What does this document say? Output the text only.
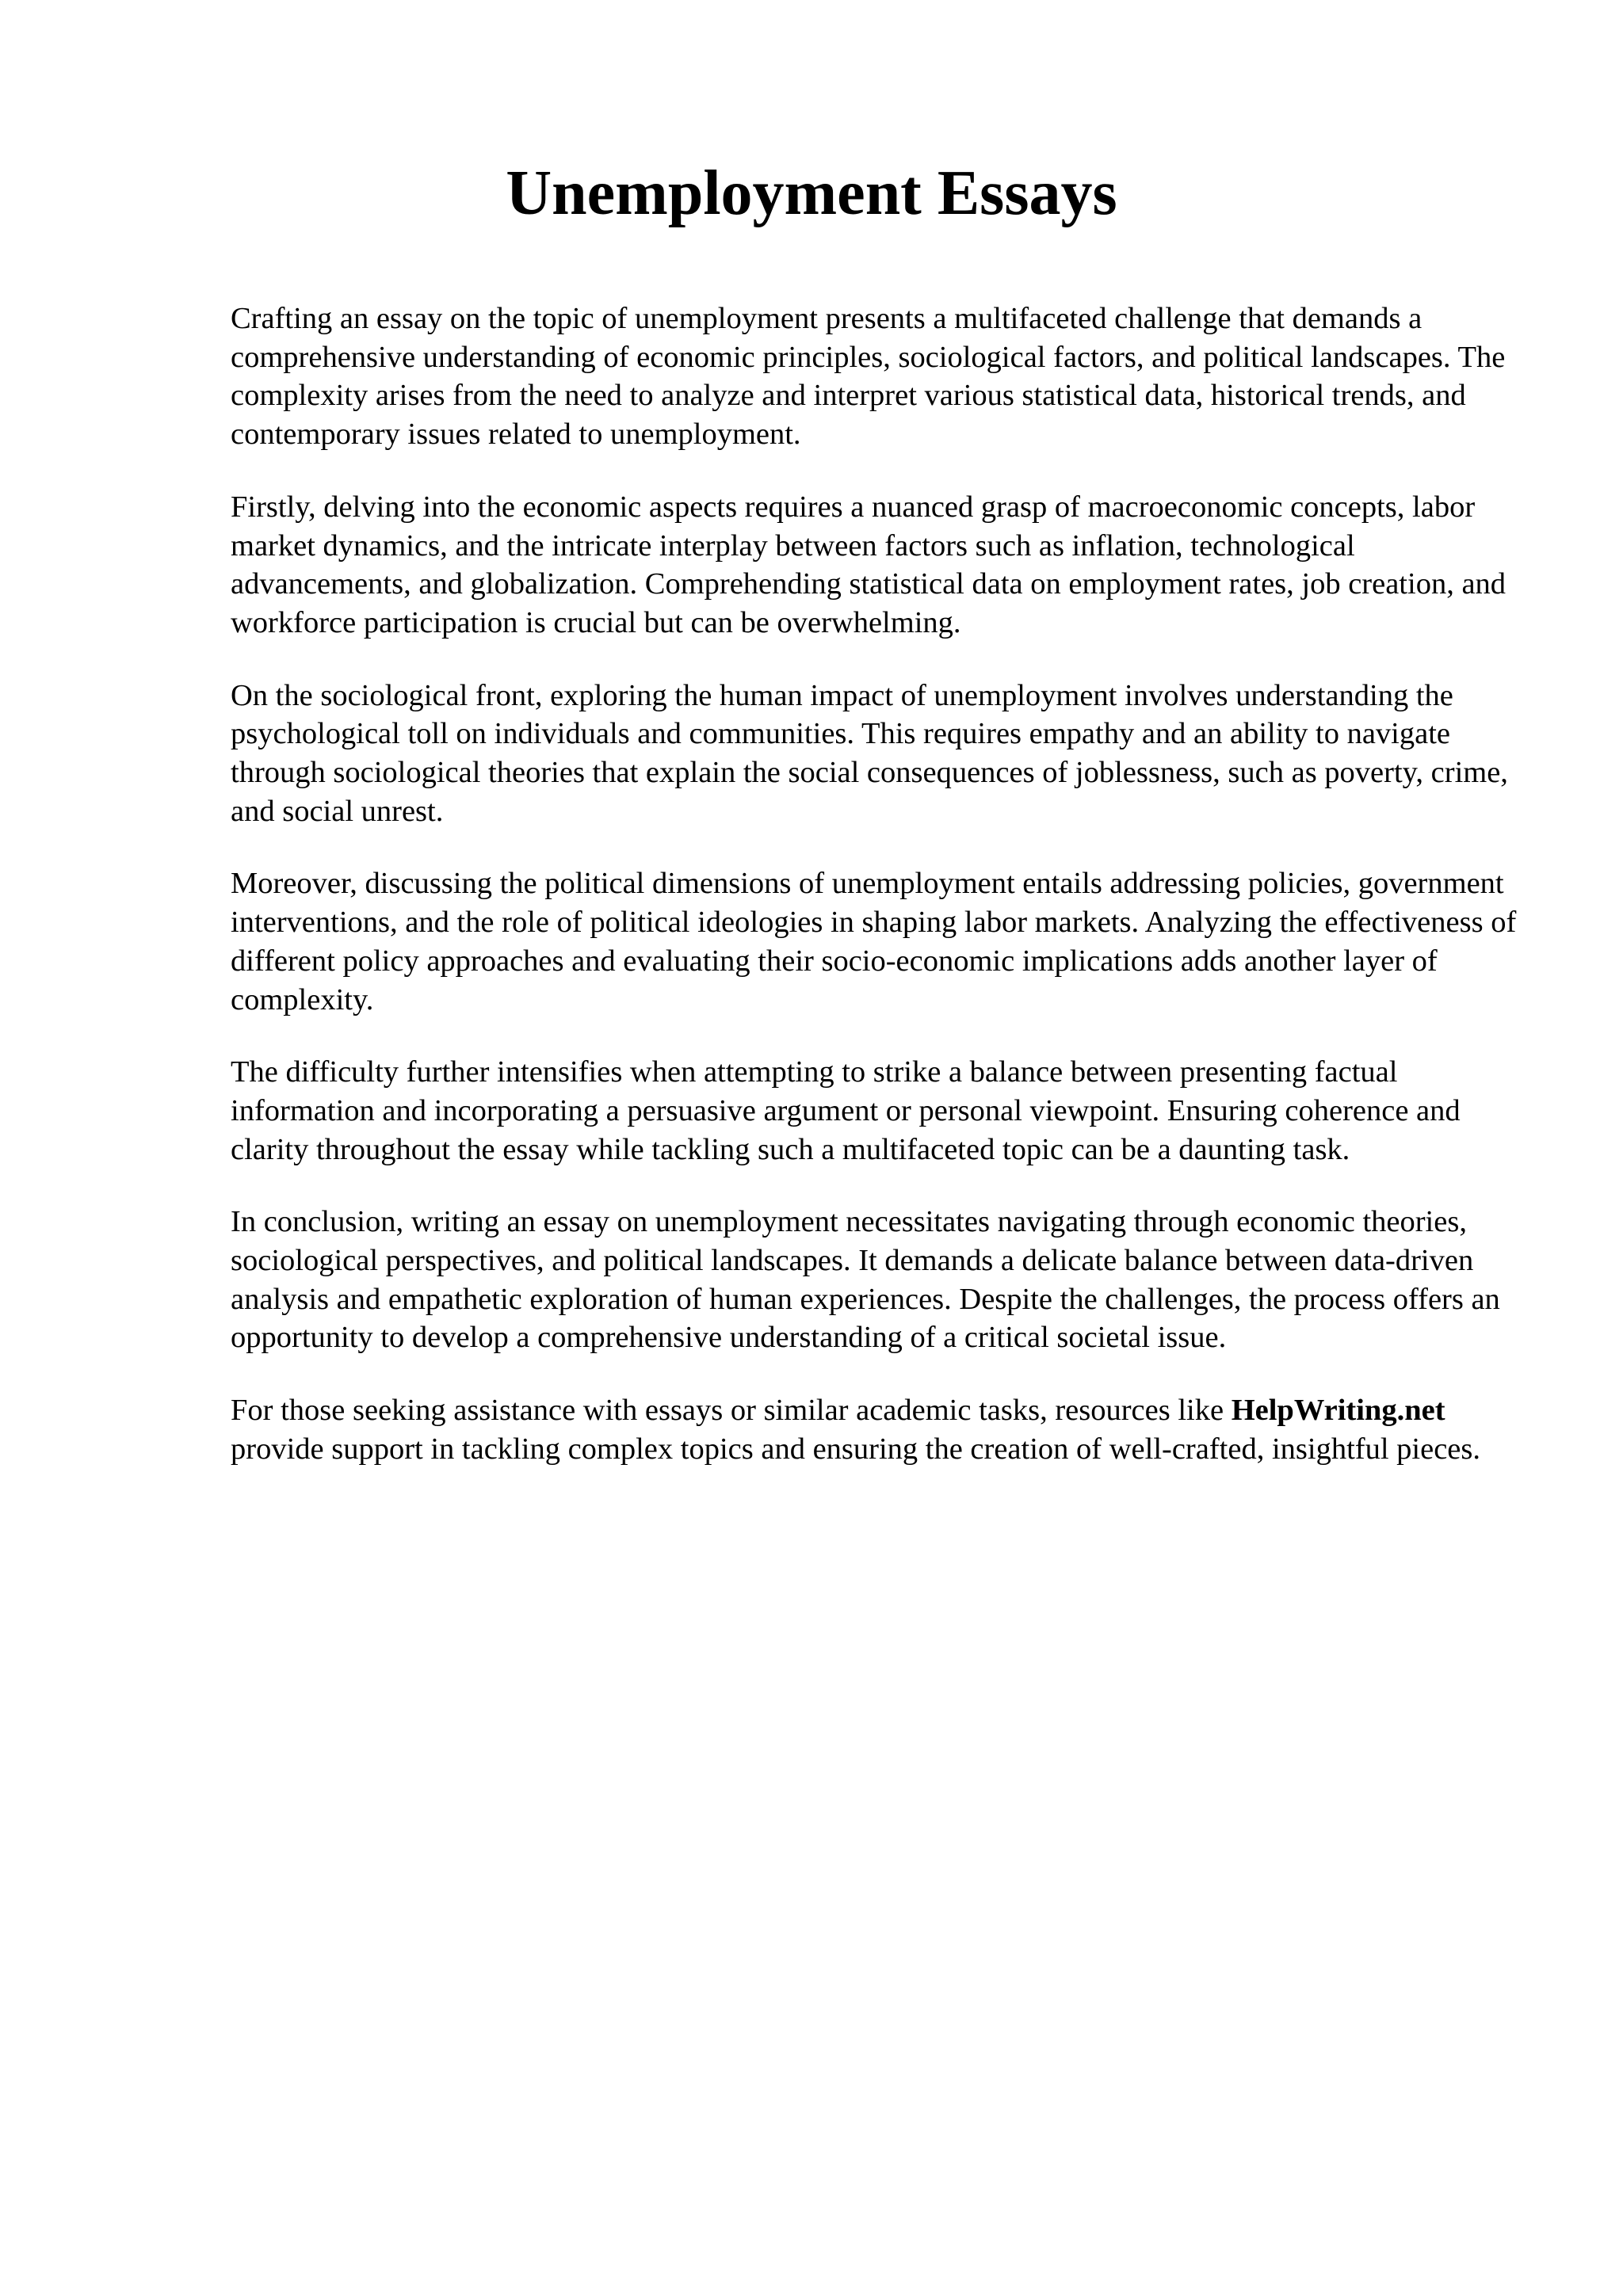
Unemployment Essays

Crafting an essay on the topic of unemployment presents a multifaceted challenge that demands a comprehensive understanding of economic principles, sociological factors, and political landscapes. The complexity arises from the need to analyze and interpret various statistical data, historical trends, and contemporary issues related to unemployment.

Firstly, delving into the economic aspects requires a nuanced grasp of macroeconomic concepts, labor market dynamics, and the intricate interplay between factors such as inflation, technological advancements, and globalization. Comprehending statistical data on employment rates, job creation, and workforce participation is crucial but can be overwhelming.

On the sociological front, exploring the human impact of unemployment involves understanding the psychological toll on individuals and communities. This requires empathy and an ability to navigate through sociological theories that explain the social consequences of joblessness, such as poverty, crime, and social unrest.

Moreover, discussing the political dimensions of unemployment entails addressing policies, government interventions, and the role of political ideologies in shaping labor markets. Analyzing the effectiveness of different policy approaches and evaluating their socio-economic implications adds another layer of complexity.

The difficulty further intensifies when attempting to strike a balance between presenting factual information and incorporating a persuasive argument or personal viewpoint. Ensuring coherence and clarity throughout the essay while tackling such a multifaceted topic can be a daunting task.

In conclusion, writing an essay on unemployment necessitates navigating through economic theories, sociological perspectives, and political landscapes. It demands a delicate balance between data-driven analysis and empathetic exploration of human experiences. Despite the challenges, the process offers an opportunity to develop a comprehensive understanding of a critical societal issue.

For those seeking assistance with essays or similar academic tasks, resources like HelpWriting.net provide support in tackling complex topics and ensuring the creation of well-crafted, insightful pieces.
